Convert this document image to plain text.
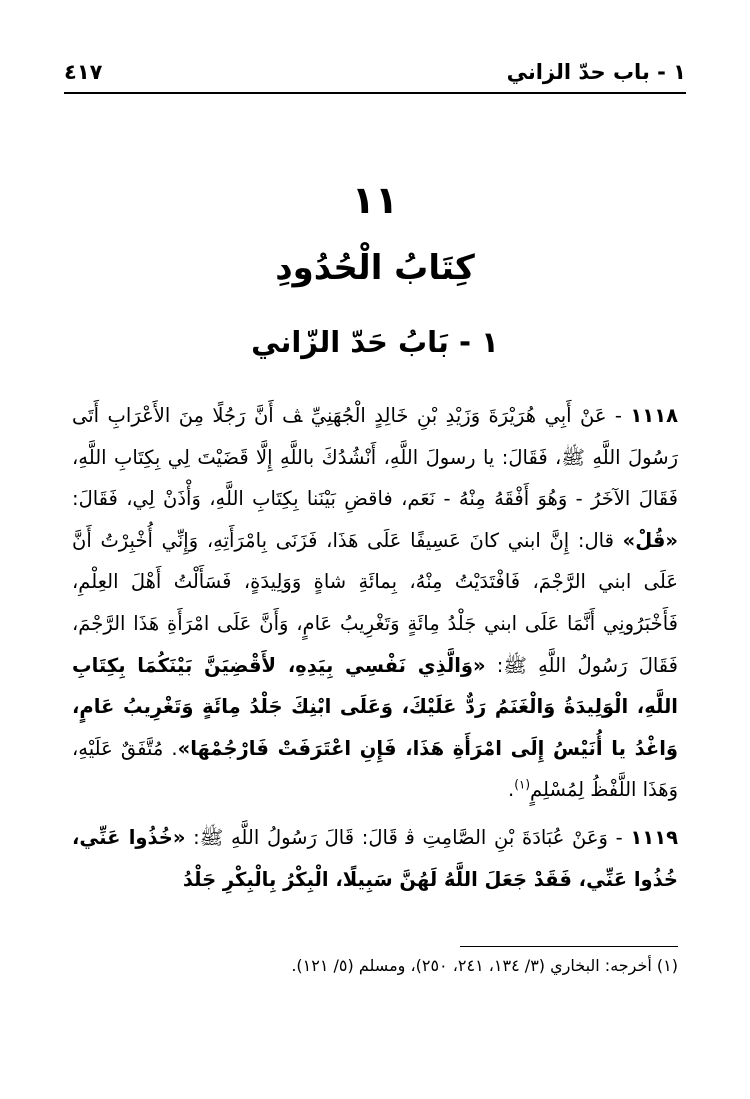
١ - باب حدّ الزاني
٤١٧
١١
كِتَابُ الْحُدُودِ
١ - بَابُ حَدّ الزّاني

١١١٨ - عَنْ أَبِي هُرَيْرَةَ وَزَيْدِ بْنِ خَالِدٍ الْجُهَنِيِّ ﭫ أَنَّ رَجُلًا مِنَ الأَعْرَابِ أَتَى رَسُولَ اللَّهِ ﷺ، فَقَالَ: يا رسولَ اللَّهِ، أَنْشُدُكَ باللَّهِ إِلَّا قَضَيْتَ لِي بِكِتَابِ اللَّهِ، فَقَالَ الآخَرُ - وَهُوَ أَفْقَهُ مِنْهُ - نَعَم، فاقضِ بَيْنَنا بِكِتَابِ اللَّهِ، وَأْذَنْ لِي، فَقَالَ: «قُلْ» قال: إِنَّ ابني كانَ عَسِيفًا عَلَى هَذَا، فَزَنَى بِامْرَأَتِهِ، وَإِنِّي أُخْبِرْتُ أَنَّ عَلَى ابني الرَّجْمَ، فَافْتَدَيْتُ مِنْهُ، بِمائَةِ شاةٍ وَوَلِيدَةٍ، فَسَأَلْتُ أَهْلَ العِلْمِ، فَأَخْبَرُونِي أَنَّمَا عَلَى ابني جَلْدُ مِائَةٍ وَتَغْرِيبُ عَامٍ، وَأَنَّ عَلَى امْرَأَةِ هَذَا الرَّجْمَ، فَقَالَ رَسُولُ اللَّهِ ﷺ: «وَالَّذِي نَفْسِي بِيَدِهِ، لأَقْضِيَنَّ بَيْنَكُمَا بِكِتَابِ اللَّهِ، الْوَلِيدَةُ وَالْغَنَمُ رَدٌّ عَلَيْكَ، وَعَلَى ابْنِكَ جَلْدُ مِائَةٍ وَتَغْرِيبُ عَامٍ، وَاغْدُ يا أُنَيْسُ إِلَى امْرَأَةِ هَذَا، فَإِنِ اعْتَرَفَتْ فَارْجُمْهَا». مُتَّفَقٌ عَلَيْهِ، وَهَذَا اللَّفْظُ لِمُسْلِمٍ$^{(١)}$.

١١١٩ - وَعَنْ عُبَادَةَ بْنِ الصَّامِتِ ﭬ قَالَ: قَالَ رَسُولُ اللَّهِ ﷺ: «خُذُوا عَنِّي، خُذُوا عَنِّي، فَقَدْ جَعَلَ اللَّهُ لَهُنَّ سَبِيلًا، الْبِكْرُ بِالْبِكْرِ جَلْدُ

(١) أخرجه: البخاري (٣/ ١٣٤، ٢٤١، ٢٥٠)، ومسلم (٥/ ١٢١).
